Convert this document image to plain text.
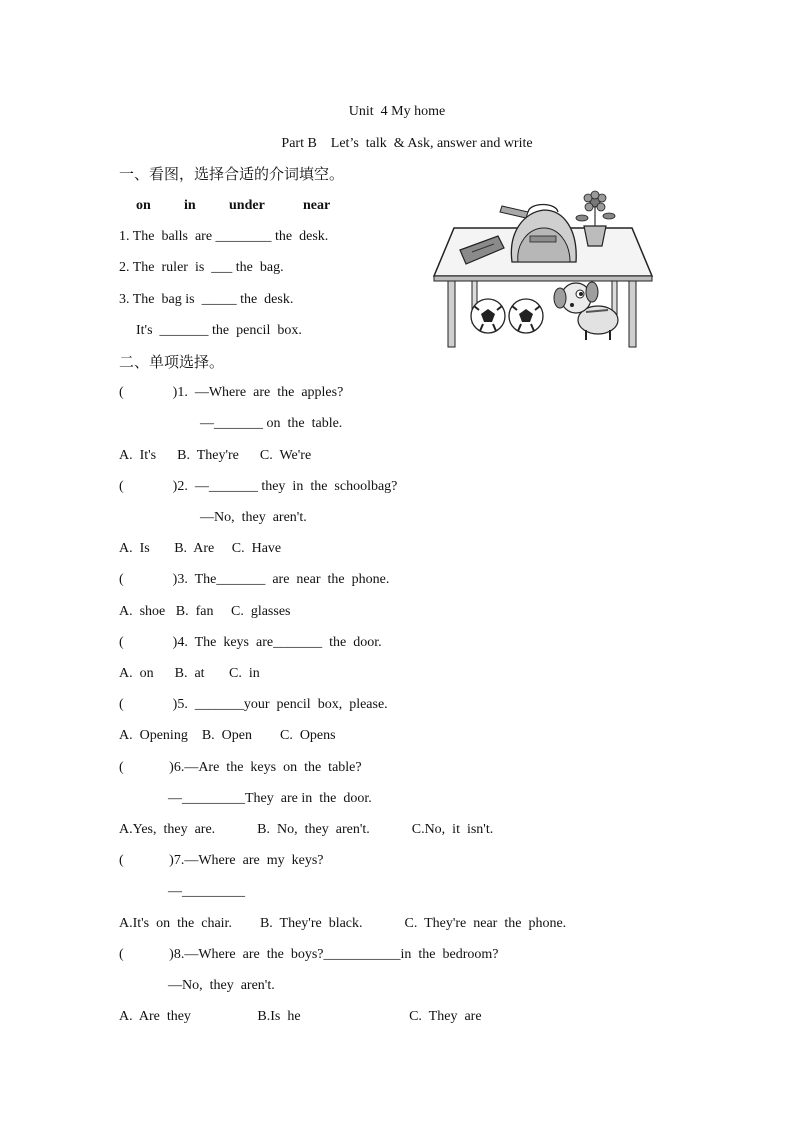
Unit  4 My home
Part B    Let’s  talk  & Ask, answer and write
一、看图，选择合适的介词填空。
on in under	near
1. The  balls  are ________ the  desk.
2. The  ruler  is  ___ the  bag.
3. The  bag is  _____ the  desk.
It's  _______ the  pencil  box.
二、单项选择。
(              )1.  —Where  are  the  apples?
—_______ on  the  table.
A.  It's      B.  They're      C.  We're
(              )2.  —_______ they  in  the  schoolbag?
—No,  they  aren't.
A.  Is       B.  Are     C.  Have
(              )3.  The_______  are  near  the  phone.
A.  shoe   B.  fan     C.  glasses
(              )4.  The  keys  are_______  the  door.
A.  on      B.  at       C.  in
(              )5.  _______your  pencil  box,  please.
A.  Opening    B.  Open        C.  Opens
(             )6.—Are  the  keys  on  the  table?
—_________They  are in  the  door.
A.Yes,  they  are.            B.  No,  they  aren't.            C.No,  it  isn't.
(             )7.—Where  are  my  keys?
—_________
A.It's  on  the  chair.        B.  They're  black.            C.  They're  near  the  phone.
(             )8.—Where  are  the  boys?___________in  the  bedroom?
—No,  they  aren't.
A.  Are  they                   B.Is  he                               C.  They  are
